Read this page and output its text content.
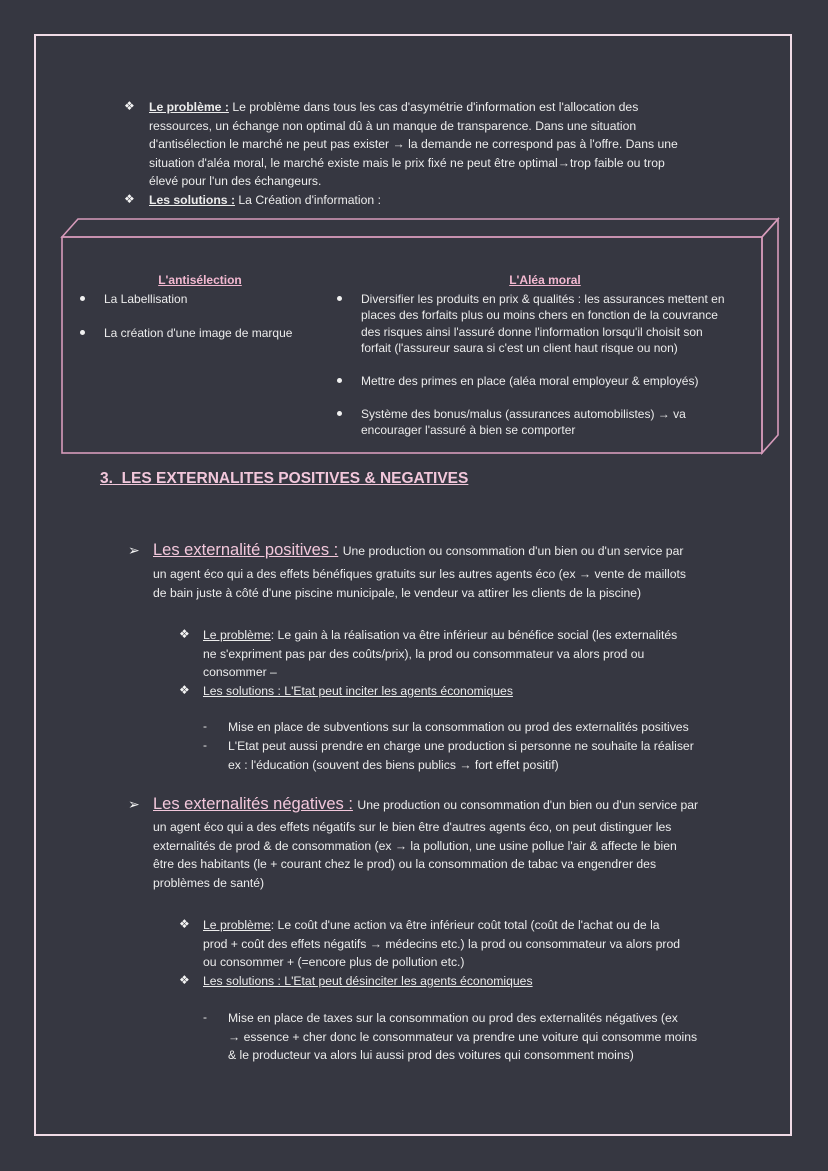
❖ Le problème : Le problème dans tous les cas d'asymétrie d'information est l'allocation des
ressources, un échange non optimal dû à un manque de transparence. Dans une situation
d'antisélection le marché ne peut pas exister → la demande ne correspond pas à l'offre. Dans une
situation d'aléa moral, le marché existe mais le prix fixé ne peut être optimal→trop faible ou trop
élevé pour l'un des échangeurs.
❖ Les solutions : La Création d'information :
L'antisélection
La Labellisation
La création d'une image de marque
L'Aléa moral
Diversifier les produits en prix & qualités : les assurances mettent en
places des forfaits plus ou moins chers en fonction de la couvrance
des risques ainsi l'assuré donne l'information lorsqu'il choisit son
forfait (l'assureur saura si c'est un client haut risque ou non)
Mettre des primes en place (aléa moral employeur & employés)
Système des bonus/malus (assurances automobilistes) → va
encourager l'assuré à bien se comporter
3. LES EXTERNALITES POSITIVES & NEGATIVES
➢ Les externalité positives : Une production ou consommation d'un bien ou d'un service par
un agent éco qui a des effets bénéfiques gratuits sur les autres agents éco (ex → vente de maillots
de bain juste à côté d'une piscine municipale, le vendeur va attirer les clients de la piscine)
❖ Le problème: Le gain à la réalisation va être inférieur au bénéfice social (les externalités
ne s'expriment pas par des coûts/prix), la prod ou consommateur va alors prod ou
consommer –
❖ Les solutions : L'Etat peut inciter les agents économiques
- Mise en place de subventions sur la consommation ou prod des externalités positives
- L'Etat peut aussi prendre en charge une production si personne ne souhaite la réaliser
ex : l'éducation (souvent des biens publics → fort effet positif)
➢ Les externalités négatives : Une production ou consommation d'un bien ou d'un service par
un agent éco qui a des effets négatifs sur le bien être d'autres agents éco, on peut distinguer les
externalités de prod & de consommation (ex → la pollution, une usine pollue l'air & affecte le bien
être des habitants (le + courant chez le prod) ou la consommation de tabac va engendrer des
problèmes de santé)
❖ Le problème: Le coût d'une action va être inférieur coût total (coût de l'achat ou de la
prod + coût des effets négatifs → médecins etc.) la prod ou consommateur va alors prod
ou consommer + (=encore plus de pollution etc.)
❖ Les solutions : L'Etat peut désinciter les agents économiques
- Mise en place de taxes sur la consommation ou prod des externalités négatives (ex
→ essence + cher donc le consommateur va prendre une voiture qui consomme moins
& le producteur va alors lui aussi prod des voitures qui consomment moins)
